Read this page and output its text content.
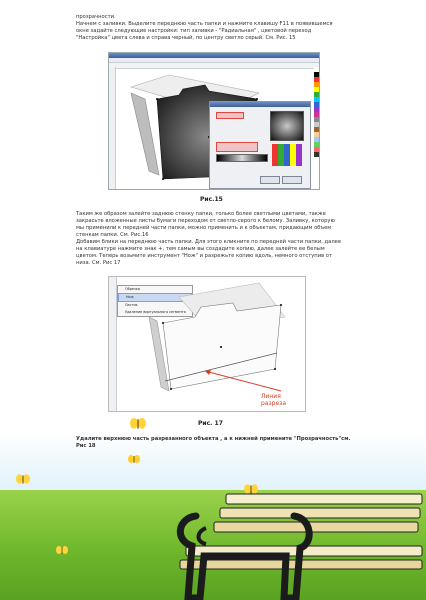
прозрачности.
Начнем с заливки. Выделите переднюю часть папки и нажмите клавишу F11 в появившемся
окне задайте следующие настройки: тип заливки - "Радиальная" , цветовой переход
"Настройка" цвета слева и справа черный, по центру светло серый. См. Рис. 15
Рис.15
Таким же образом залейте заднюю стенку папки, только более светлыми цветами, также
закрасьте вложенные листы бумаги переходом от светло-серого к белому. Заливку, которую
мы применили к передней части папки, можно применить и к объектам, придающим объем
стенкам папки. См. Рис.16
Добавим блики на переднюю часть папки. Для этого кликните по передней части папки, далее
на клавиатуре нажмите знак +, тем самым вы создадите копию, далее залейте ее белым
цветом. Теперь возьмите инструмент "Нож" и разрежьте копию вдоль, немного отступив от
низа. См. Рис 17
Обрезка
Нож
Ластик
Удаление виртуального сегмента
Линия разреза
Рис. 17
Удалите верхнюю часть разрезанного объекта , а к нижней примените "Прозрачность"см.
Рис 18
